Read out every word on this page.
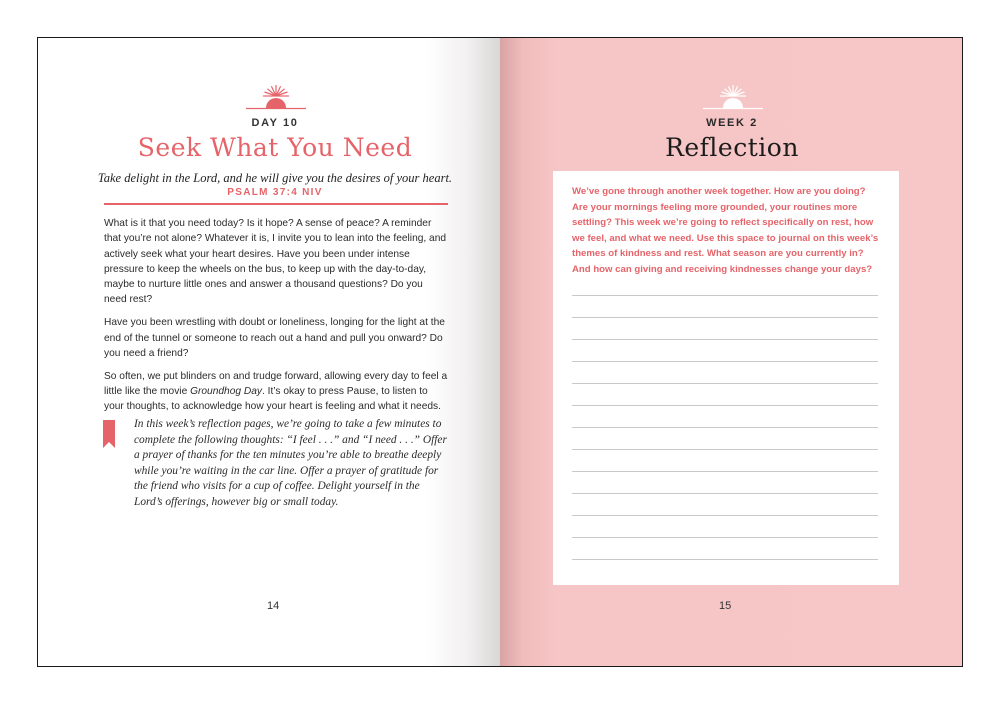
DAY 10
Seek What You Need
Take delight in the Lord, and he will give you the desires of your heart.
PSALM 37:4 NIV

What is it that you need today? Is it hope? A sense of peace? A reminder that you’re not alone? Whatever it is, I invite you to lean into the feeling, and actively seek what your heart desires. Have you been under intense pressure to keep the wheels on the bus, to keep up with the day-to-day, maybe to nurture little ones and answer a thousand questions? Do you need rest?

Have you been wrestling with doubt or loneliness, longing for the light at the end of the tunnel or someone to reach out a hand and pull you onward? Do you need a friend?

So often, we put blinders on and trudge forward, allowing every day to feel a little like the movie Groundhog Day. It’s okay to press Pause, to listen to your thoughts, to acknowledge how your heart is feeling and what it needs.

In this week’s reflection pages, we’re going to take a few minutes to complete the following thoughts: “I feel . . .” and “I need . . .” Offer a prayer of thanks for the ten minutes you’re able to breathe deeply while you’re waiting in the car line. Offer a prayer of gratitude for the friend who visits for a cup of coffee. Delight yourself in the Lord’s offerings, however big or small today.
14
WEEK 2
Reflection
We’ve gone through another week together. How are you doing? Are your mornings feeling more grounded, your routines more settling? This week we’re going to reflect specifically on rest, how we feel, and what we need. Use this space to journal on this week’s themes of kindness and rest. What season are you currently in? And how can giving and receiving kindnesses change your days?
15
